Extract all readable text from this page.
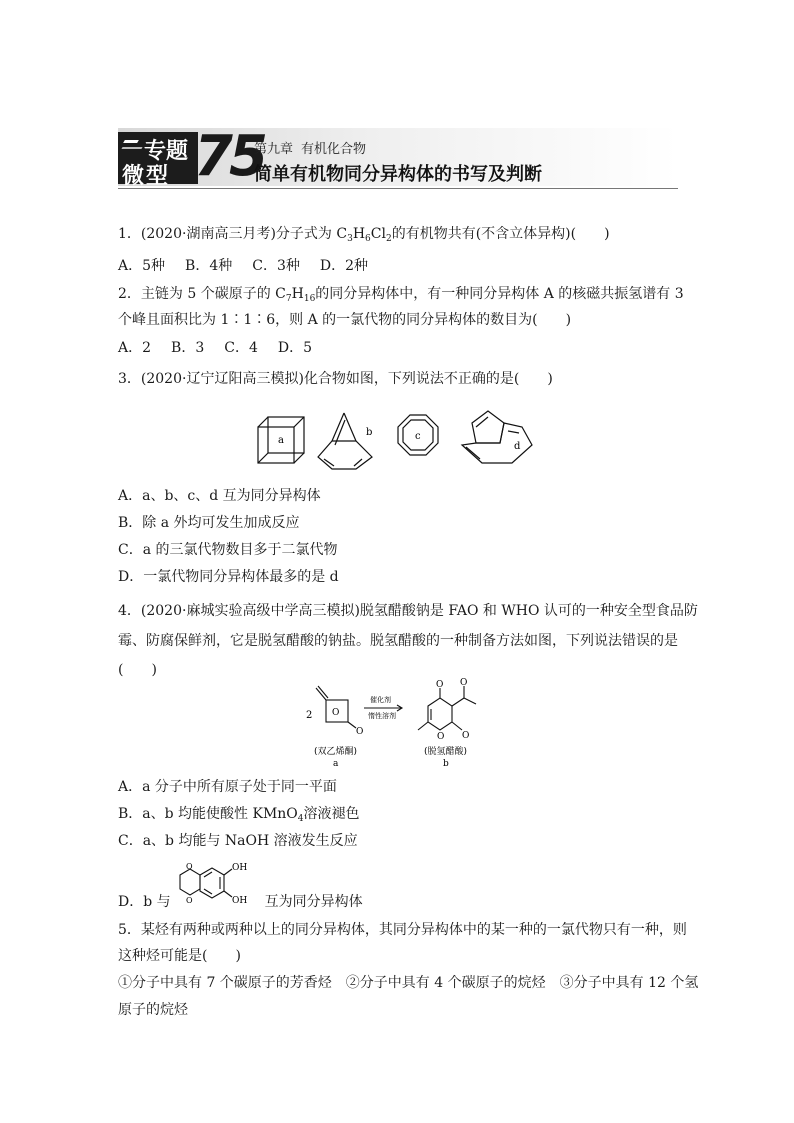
专题
微型 75
第九章 有机化合物
简单有机物同分异构体的书写及判断
1．(2020·湖南高三月考)分子式为 $C_3H_6Cl_2$的有机物共有(不含立体异构)(　　)
A．5种 B．4种 C．3种 D．2种
2．主链为 5 个碳原子的 $C_7H_{16}$的同分异构体中，有一种同分异构体 A 的核磁共振氢谱有 3
个峰且面积比为 1∶1∶6，则 A 的一氯代物的同分异构体的数目为(　　)
A．2 B．3 C．4 D．5
3．(2020·辽宁辽阳高三模拟)化合物如图，下列说法不正确的是(　　)
a
b	c
d
A．a、b、c、d 互为同分异构体
B．除 a 外均可发生加成反应
C．a 的三氯代物数目多于二氯代物
D．一氯代物同分异构体最多的是 d
4．(2020·麻城实验高级中学高三模拟)脱氢醋酸钠是 FAO 和 WHO 认可的一种安全型食品防
霉、防腐保鲜剂，它是脱氢醋酸的钠盐。脱氢醋酸的一种制备方法如图，下列说法错误的是
(　　)
2 O
O
催化剂
惰性溶剂
O O
O O
(双乙烯酮)
a
(脱氢醋酸)
b
A．a 分子中所有原子处于同一平面
B．a、b 均能使酸性 KMnO$_4$溶液褪色
C．a、b 均能与 NaOH 溶液发生反应
D．b 与	互为同分异构体
O
O
OH
OH
5．某烃有两种或两种以上的同分异构体，其同分异构体中的某一种的一氯代物只有一种，则
这种烃可能是(　　)
①分子中具有 7 个碳原子的芳香烃　②分子中具有 4 个碳原子的烷烃　③分子中具有 12 个氢
原子的烷烃
